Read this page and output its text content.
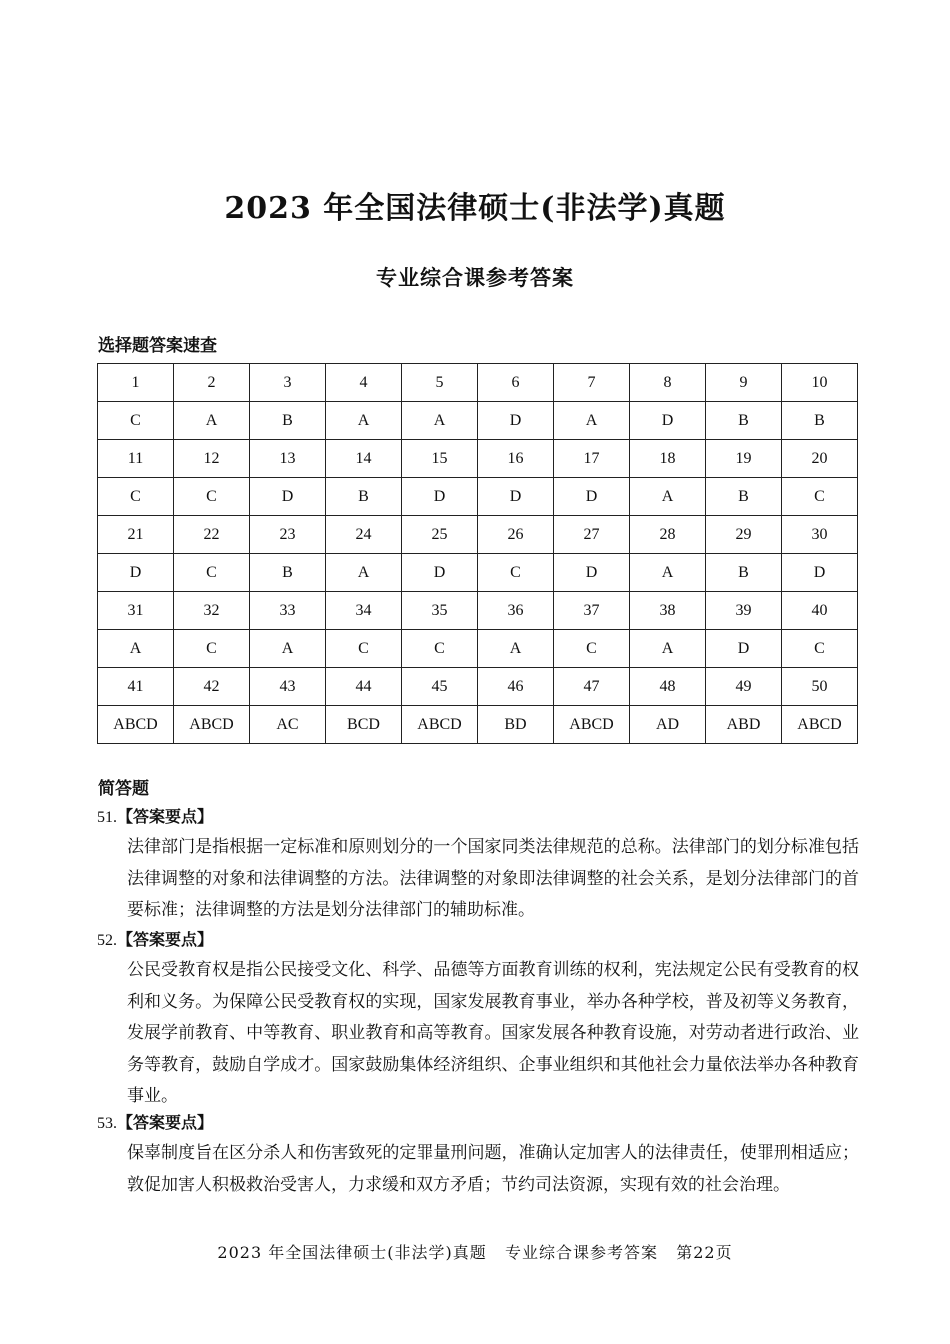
2023 年全国法律硕士(非法学)真题
专业综合课参考答案
选择题答案速查
1	2	3	4	5	6	7	8	9	10
C	A	B	A	A	D	A	D	B	B
11	12	13	14	15	16	17	18	19	20
C	C	D	B	D	D	D	A	B	C
21	22	23	24	25	26	27	28	29	30
D	C	B	A	D	C	D	A	B	D
31	32	33	34	35	36	37	38	39	40
A	C	A	C	C	A	C	A	D	C
41	42	43	44	45	46	47	48	49	50
ABCD	ABCD	AC	BCD	ABCD	BD	ABCD	AD	ABD	ABCD
简答题
51.【答案要点】
法律部门是指根据一定标准和原则划分的一个国家同类法律规范的总称。法律部门的划分标准包括法律调整的对象和法律调整的方法。法律调整的对象即法律调整的社会关系，是划分法律部门的首要标准；法律调整的方法是划分法律部门的辅助标准。
52.【答案要点】
公民受教育权是指公民接受文化、科学、品德等方面教育训练的权利，宪法规定公民有受教育的权利和义务。为保障公民受教育权的实现，国家发展教育事业，举办各种学校，普及初等义务教育，发展学前教育、中等教育、职业教育和高等教育。国家发展各种教育设施，对劳动者进行政治、业务等教育，鼓励自学成才。国家鼓励集体经济组织、企事业组织和其他社会力量依法举办各种教育事业。
53.【答案要点】
保辜制度旨在区分杀人和伤害致死的定罪量刑问题，准确认定加害人的法律责任，使罪刑相适应；敦促加害人积极救治受害人，力求缓和双方矛盾；节约司法资源，实现有效的社会治理。
2023 年全国法律硕士(非法学)真题   专业综合课参考答案   第22页
